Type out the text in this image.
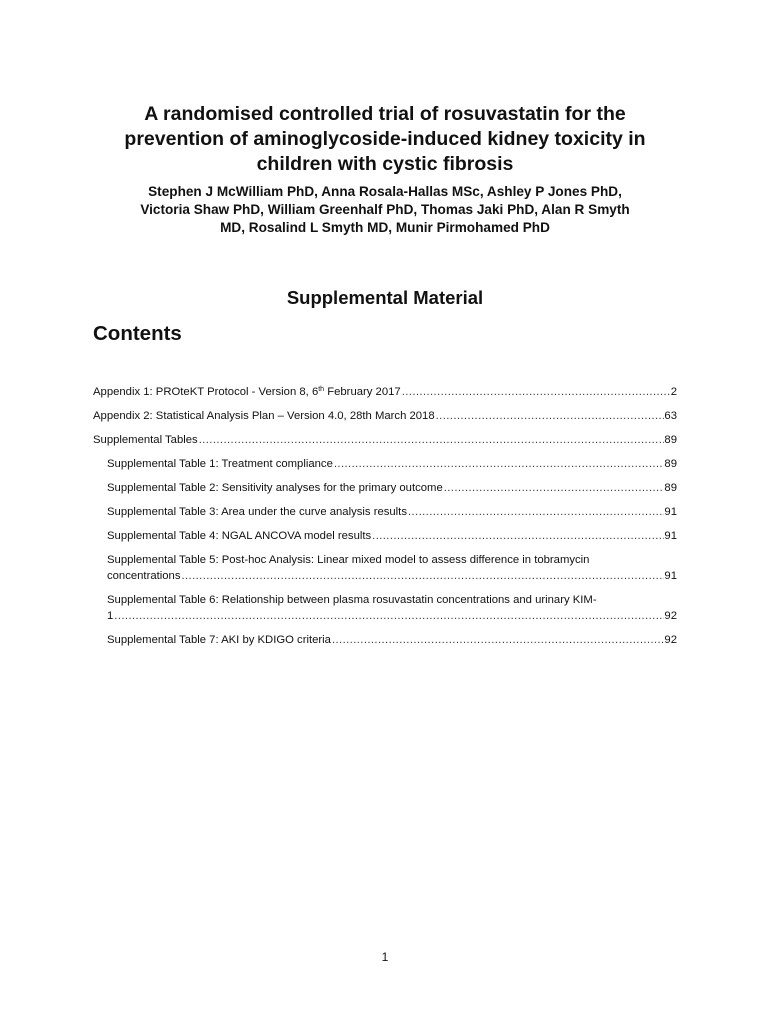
A randomised controlled trial of rosuvastatin for the
prevention of aminoglycoside-induced kidney toxicity in
children with cystic fibrosis
Stephen J McWilliam PhD, Anna Rosala-Hallas MSc, Ashley P Jones PhD,
Victoria Shaw PhD, William Greenhalf PhD, Thomas Jaki PhD, Alan R Smyth
MD, Rosalind L Smyth MD, Munir Pirmohamed PhD
Supplemental Material
Contents
Appendix 1: PROteKT Protocol - Version 8, 6th February 2017 .....	2
Appendix 2: Statistical Analysis Plan – Version 4.0, 28th March 2018 .....	63
Supplemental Tables .....	89
Supplemental Table 1: Treatment compliance .....	89
Supplemental Table 2: Sensitivity analyses for the primary outcome .....	89
Supplemental Table 3: Area under the curve analysis results .....	91
Supplemental Table 4: NGAL ANCOVA model results .....	91
Supplemental Table 5: Post-hoc Analysis: Linear mixed model to assess difference in tobramycin
concentrations .....	91
Supplemental Table 6: Relationship between plasma rosuvastatin concentrations and urinary KIM-
1 .....	92
Supplemental Table 7: AKI by KDIGO criteria .....	92
1
